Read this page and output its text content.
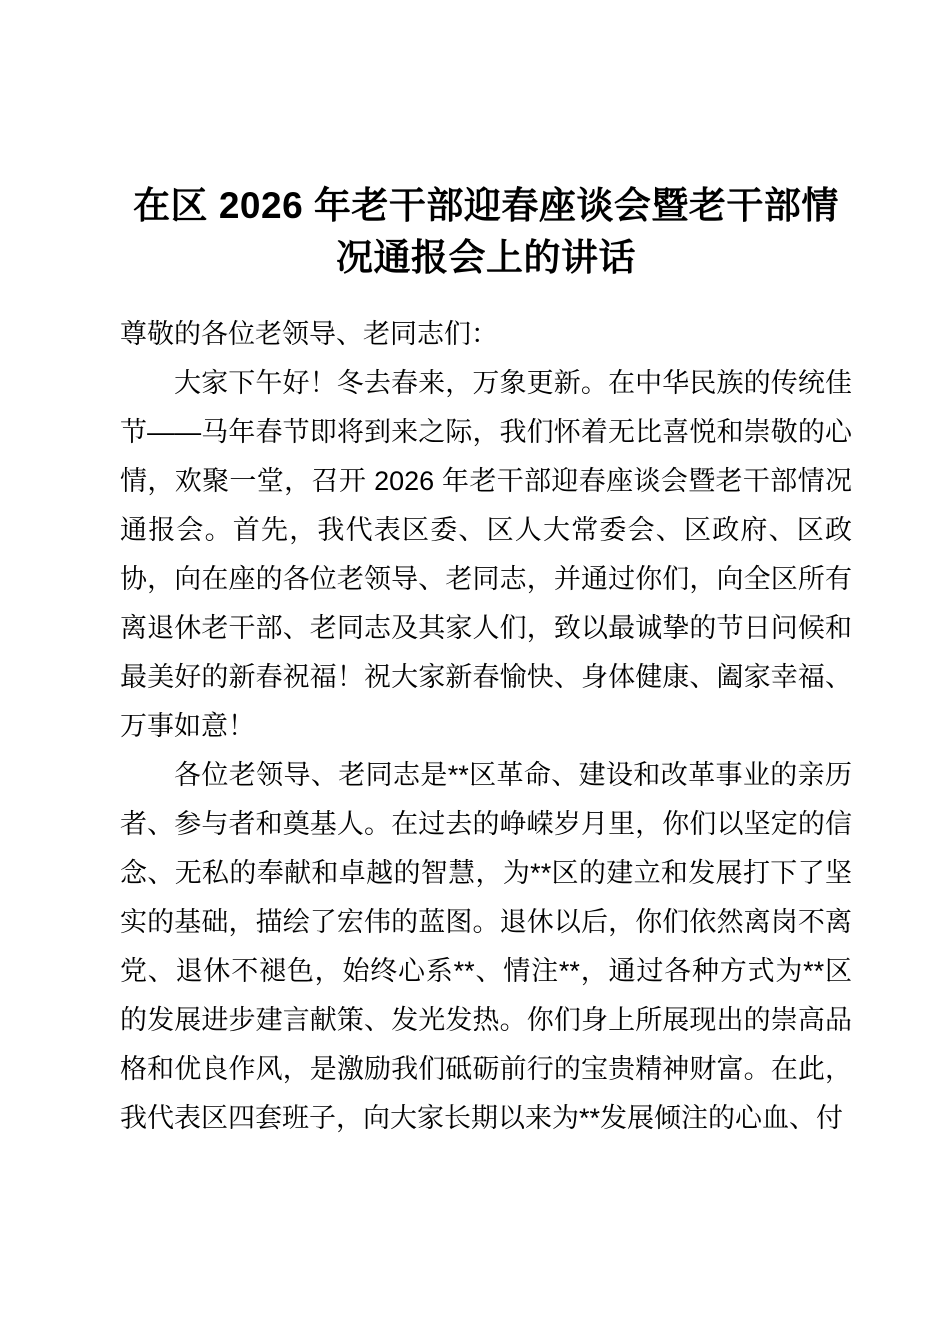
在区 2026 年老干部迎春座谈会暨老干部情况通报会上的讲话

尊敬的各位老领导、老同志们：

大家下午好！冬去春来，万象更新。在中华民族的传统佳节——马年春节即将到来之际，我们怀着无比喜悦和崇敬的心情，欢聚一堂，召开 2026 年老干部迎春座谈会暨老干部情况通报会。首先，我代表区委、区人大常委会、区政府、区政协，向在座的各位老领导、老同志，并通过你们，向全区所有离退休老干部、老同志及其家人们，致以最诚挚的节日问候和最美好的新春祝福！祝大家新春愉快、身体健康、阖家幸福、万事如意！

各位老领导、老同志是**区革命、建设和改革事业的亲历者、参与者和奠基人。在过去的峥嵘岁月里，你们以坚定的信念、无私的奉献和卓越的智慧，为**区的建立和发展打下了坚实的基础，描绘了宏伟的蓝图。退休以后，你们依然离岗不离党、退休不褪色，始终心系**、情注**，通过各种方式为**区的发展进步建言献策、发光发热。你们身上所展现出的崇高品格和优良作风，是激励我们砥砺前行的宝贵精神财富。在此，我代表区四套班子，向大家长期以来为**发展倾注的心血、付
